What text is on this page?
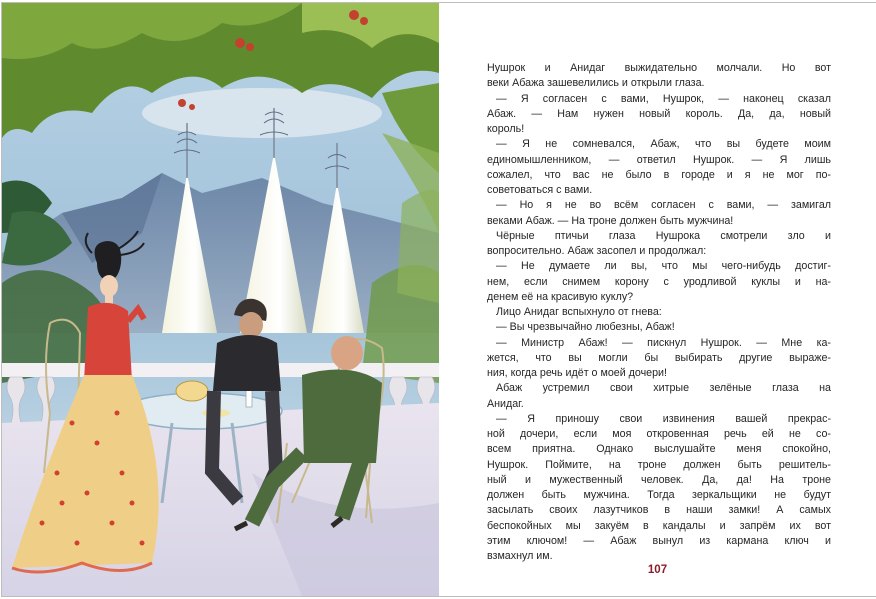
Нушрок и Анидаг выжидательно молчали. Но вот
веки Абажа зашевелились и открыли глаза.
— Я согласен с вами, Нушрок, — наконец сказал
Абаж. — Нам нужен новый король. Да, да, новый
король!
— Я не сомневался, Абаж, что вы будете моим
единомышленником, — ответил Нушрок. — Я лишь
сожалел, что вас не было в городе и я не мог по-
советоваться с вами.
— Но я не во всём согласен с вами, — замигал
веками Абаж. — На троне должен быть мужчина!
Чёрные птичьи глаза Нушрока смотрели зло и
вопросительно. Абаж засопел и продолжал:
— Не думаете ли вы, что мы чего-нибудь достиг-
нем, если снимем корону с уродливой куклы и на-
денем её на красивую куклу?
Лицо Анидаг вспыхнуло от гнева:
— Вы чрезвычайно любезны, Абаж!
— Министр Абаж! — пискнул Нушрок. — Мне ка-
жется, что вы могли бы выбирать другие выраже-
ния, когда речь идёт о моей дочери!
Абаж устремил свои хитрые зелёные глаза на
Анидаг.
— Я приношу свои извинения вашей прекрас-
ной дочери, если моя откровенная речь ей не со-
всем приятна. Однако выслушайте меня спокойно,
Нушрок. Поймите, на троне должен быть решитель-
ный и мужественный человек. Да, да! На троне
должен быть мужчина. Тогда зеркальщики не будут
засылать своих лазутчиков в наши замки! А самых
беспокойных мы закуём в кандалы и запрём их вот
этим ключом! — Абаж вынул из кармана ключ и
взмахнул им.
107
